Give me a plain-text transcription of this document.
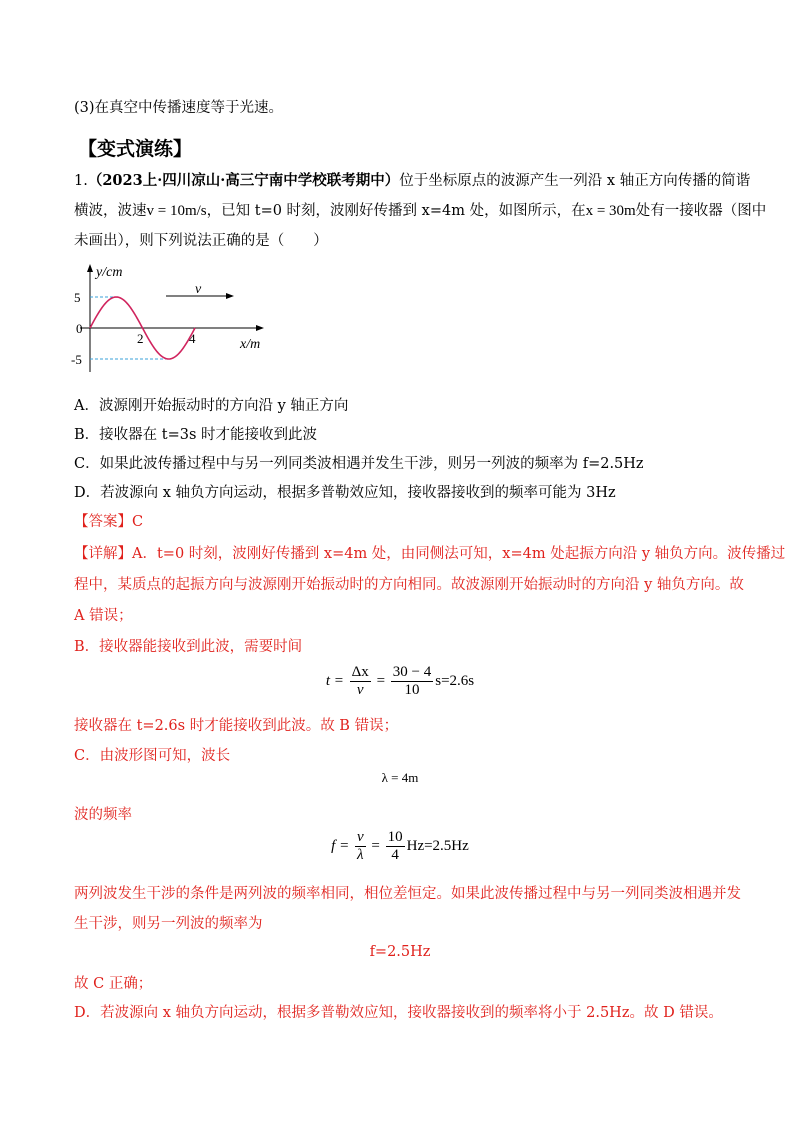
(3)在真空中传播速度等于光速。
【变式演练】
1.（2023上·四川凉山·高三宁南中学校联考期中）位于坐标原点的波源产生一列沿 x 轴正方向传播的简谐
横波，波速v = 10m/s，已知 t=0 时刻，波刚好传播到 x=4m 处，如图所示，在x = 30m处有一接收器（图中
未画出），则下列说法正确的是（　　）
v
y/cm
x/m
5
0
-5
2	4
A．波源刚开始振动时的方向沿 y 轴正方向
B．接收器在 t=3s 时才能接收到此波
C．如果此波传播过程中与另一列同类波相遇并发生干涉，则另一列波的频率为 f=2.5Hz
D．若波源向 x 轴负方向运动，根据多普勒效应知，接收器接收到的频率可能为 3Hz
【答案】C
【详解】A．t=0 时刻，波刚好传播到 x=4m 处，由同侧法可知，x=4m 处起振方向沿 y 轴负方向。波传播过
程中，某质点的起振方向与波源刚开始振动时的方向相同。故波源刚开始振动时的方向沿 y 轴负方向。故
A 错误；
B．接收器能接收到此波，需要时间
$t = \frac{\Delta x}{v} = \frac{30 - 4}{10} s=2.6s$
接收器在 t=2.6s 时才能接收到此波。故 B 错误；
C．由波形图可知，波长
λ = 4m
波的频率
$f = \frac{v}{\lambda} = \frac{10}{4} Hz=2.5Hz$
两列波发生干涉的条件是两列波的频率相同，相位差恒定。如果此波传播过程中与另一列同类波相遇并发
生干涉，则另一列波的频率为
f=2.5Hz
故 C 正确；
D．若波源向 x 轴负方向运动，根据多普勒效应知，接收器接收到的频率将小于 2.5Hz。故 D 错误。
